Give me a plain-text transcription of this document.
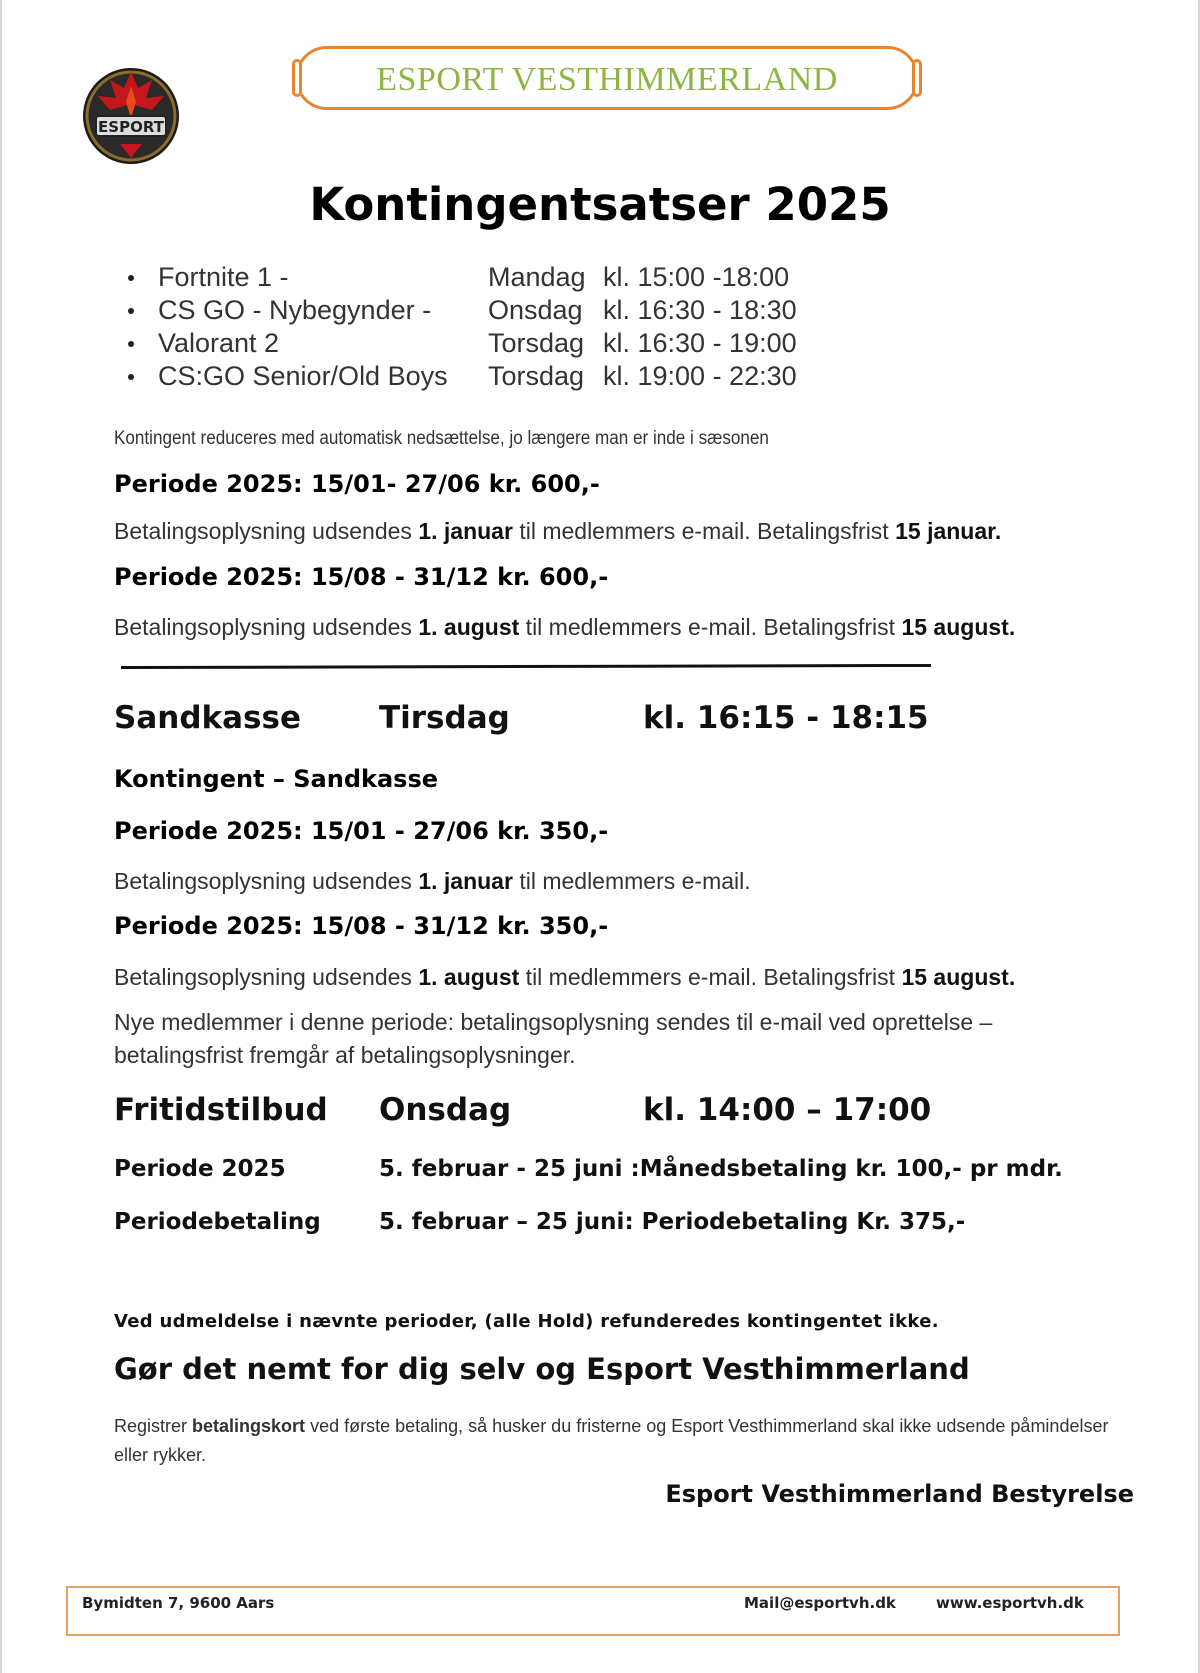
ESPORT
ESPORT VESTHIMMERLAND
Kontingentsatser 2025
Fortnite 1 -	Mandag kl. 15:00 -18:00
CS GO - Nybegynder - Onsdag kl. 16:30 - 18:30
Valorant 2	Torsdag kl. 16:30 - 19:00
CS:GO Senior/Old Boys Torsdag kl. 19:00 - 22:30
Kontingent reduceres med automatisk nedsættelse, jo længere man er inde i sæsonen
Periode 2025: 15/01- 27/06 kr. 600,-
Betalingsoplysning udsendes 1. januar til medlemmers e-mail. Betalingsfrist 15 januar.
Periode 2025: 15/08 - 31/12 kr. 600,-
Betalingsoplysning udsendes 1. august til medlemmers e-mail. Betalingsfrist 15 august.
Sandkasse	Tirsdag	kl. 16:15 - 18:15
Kontingent – Sandkasse
Periode 2025: 15/01 - 27/06 kr. 350,-
Betalingsoplysning udsendes 1. januar til medlemmers e-mail.
Periode 2025: 15/08 - 31/12 kr. 350,-
Betalingsoplysning udsendes 1. august til medlemmers e-mail. Betalingsfrist 15 august.
Nye medlemmer i denne periode: betalingsoplysning sendes til e-mail ved oprettelse –
betalingsfrist fremgår af betalingsoplysninger.
Fritidstilbud Onsdag	kl. 14:00 – 17:00
Periode 2025	5. februar - 25 juni :Månedsbetaling kr. 100,- pr mdr.
Periodebetaling	5. februar – 25 juni: Periodebetaling Kr. 375,-
Ved udmeldelse i nævnte perioder, (alle Hold) refunderedes kontingentet ikke.
Gør det nemt for dig selv og Esport Vesthimmerland
Registrer betalingskort ved første betaling, så husker du fristerne og Esport Vesthimmerland skal ikke udsende påmindelser eller rykker.
Esport Vesthimmerland Bestyrelse
Bymidten 7, 9600 Aars	Mail@esportvh.dk	www.esportvh.dk
